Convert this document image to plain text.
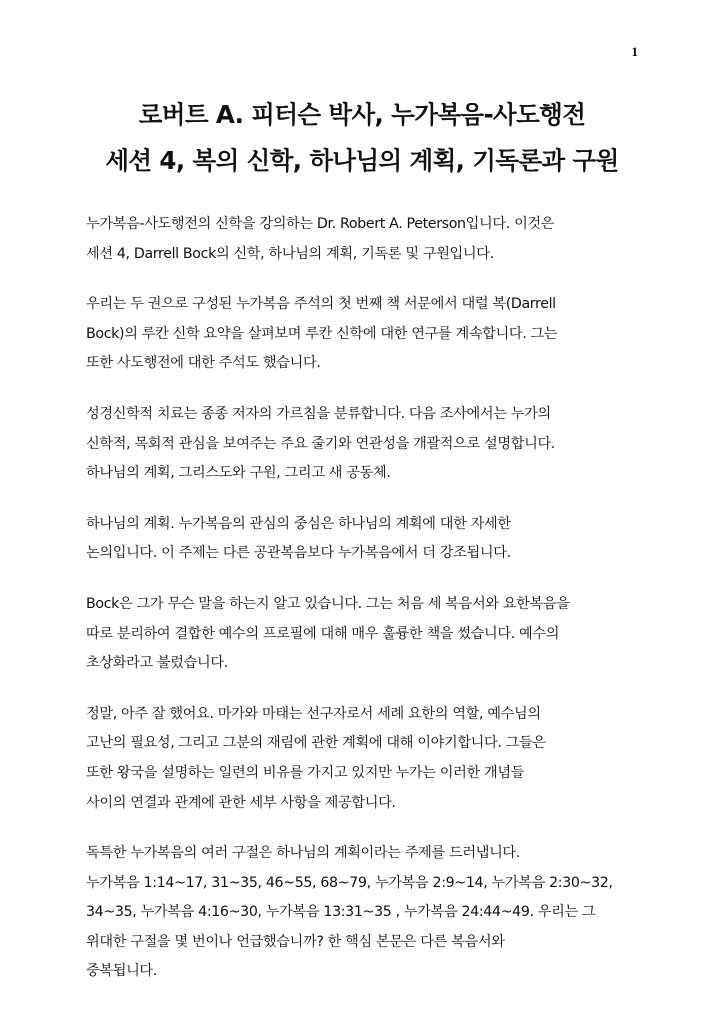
1
로버트 A. 피터슨 박사, 누가복음-사도행전
세션 4, 복의 신학, 하나님의 계획, 기독론과 구원
누가복음-사도행전의 신학을 강의하는 Dr. Robert A. Peterson입니다. 이것은
세션 4, Darrell Bock의 신학, 하나님의 계획, 기독론 및 구원입니다.
우리는 두 권으로 구성된 누가복음 주석의 첫 번째 책 서문에서 대럴 복(Darrell
Bock)의 루칸 신학 요약을 살펴보며 루칸 신학에 대한 연구를 계속합니다. 그는
또한 사도행전에 대한 주석도 했습니다.
성경신학적 치료는 종종 저자의 가르침을 분류합니다. 다음 조사에서는 누가의
신학적, 목회적 관심을 보여주는 주요 줄기와 연관성을 개괄적으로 설명합니다.
하나님의 계획, 그리스도와 구원, 그리고 새 공동체.
하나님의 계획. 누가복음의 관심의 중심은 하나님의 계획에 대한 자세한
논의입니다. 이 주제는 다른 공관복음보다 누가복음에서 더 강조됩니다.
Bock은 그가 무슨 말을 하는지 알고 있습니다. 그는 처음 세 복음서와 요한복음을
따로 분리하여 결합한 예수의 프로필에 대해 매우 훌륭한 책을 썼습니다. 예수의
초상화라고 불렀습니다.
정말, 아주 잘 했어요. 마가와 마태는 선구자로서 세례 요한의 역할, 예수님의
고난의 필요성, 그리고 그분의 재림에 관한 계획에 대해 이야기합니다. 그들은
또한 왕국을 설명하는 일련의 비유를 가지고 있지만 누가는 이러한 개념들
사이의 연결과 관계에 관한 세부 사항을 제공합니다.
독특한 누가복음의 여러 구절은 하나님의 계획이라는 주제를 드러냅니다.
누가복음 1:14~17, 31~35, 46~55, 68~79, 누가복음 2:9~14, 누가복음 2:30~32,
34~35, 누가복음 4:16~30, 누가복음 13:31~35 , 누가복음 24:44~49. 우리는 그
위대한 구절을 몇 번이나 언급했습니까? 한 핵심 본문은 다른 복음서와
중복됩니다.
